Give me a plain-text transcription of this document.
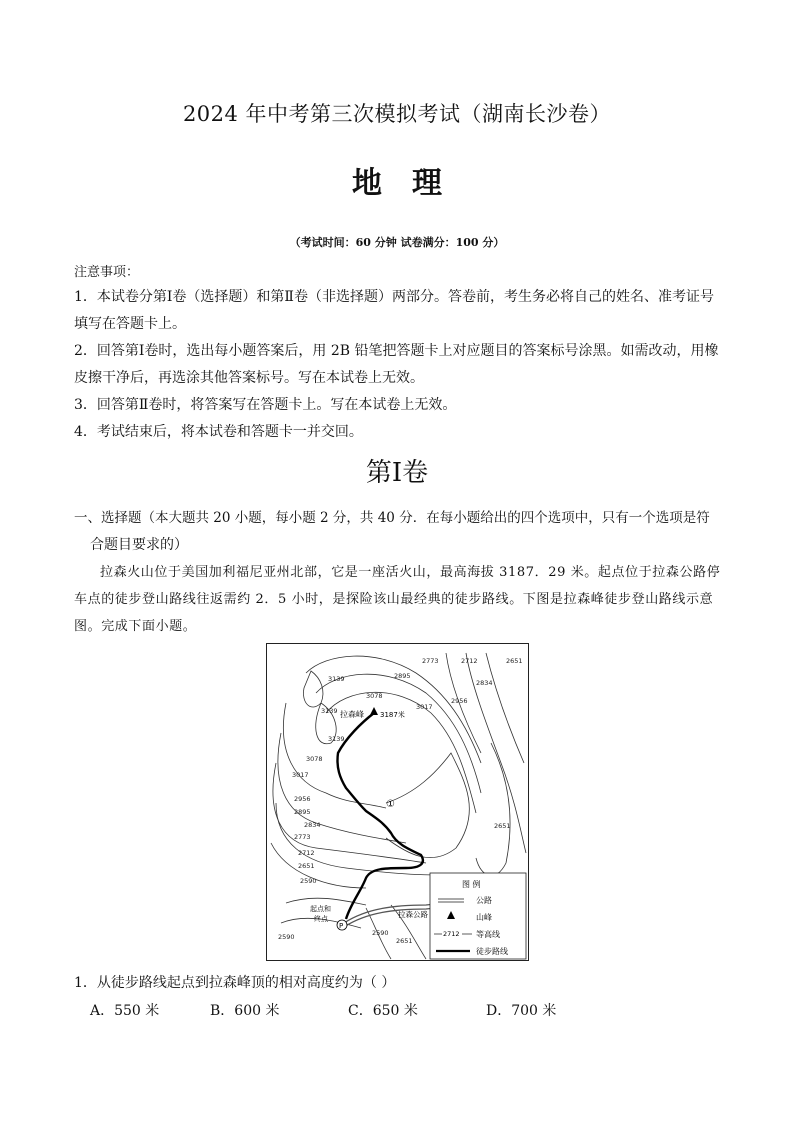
2024 年中考第三次模拟考试（湖南长沙卷）
地理
（考试时间：60 分钟 试卷满分：100 分）
注意事项：
1．本试卷分第Ⅰ卷（选择题）和第Ⅱ卷（非选择题）两部分。答卷前，考生务必将自己的姓名、准考证号
填写在答题卡上。
2．回答第Ⅰ卷时，选出每小题答案后，用 2B 铅笔把答题卡上对应题目的答案标号涂黑。如需改动，用橡
皮擦干净后，再选涂其他答案标号。写在本试卷上无效。
3．回答第Ⅱ卷时，将答案写在答题卡上。写在本试卷上无效。
4．考试结束后，将本试卷和答题卡一并交回。
第Ⅰ卷
一、选择题（本大题共 20 小题，每小题 2 分，共 40 分．在每小题给出的四个选项中，只有一个选项是符
合题目要求的）
拉森火山位于美国加利福尼亚州北部，它是一座活火山，最高海拔 3187．29 米。起点位于拉森公路停车点的徒步登山路线往返需约 2．5 小时，是探险该山最经典的徒步路线。下图是拉森峰徒步登山路线示意图。完成下面小题。
拉森峰 3187米
①
拉森公路
起点和
终点
P
2773	2712	2651
2895
2834
2956
3017
3078
3139
3139
3139
3078
3017
2956
2895
2834
2773
2712
2651
2590
2590	2590
2651
2651
图 例
公路
山峰
2712 等高线
徒步路线
1．从徒步路线起点到拉森峰顶的相对高度约为（ ）
A．550 米	B．600 米	C．650 米	D．700 米
